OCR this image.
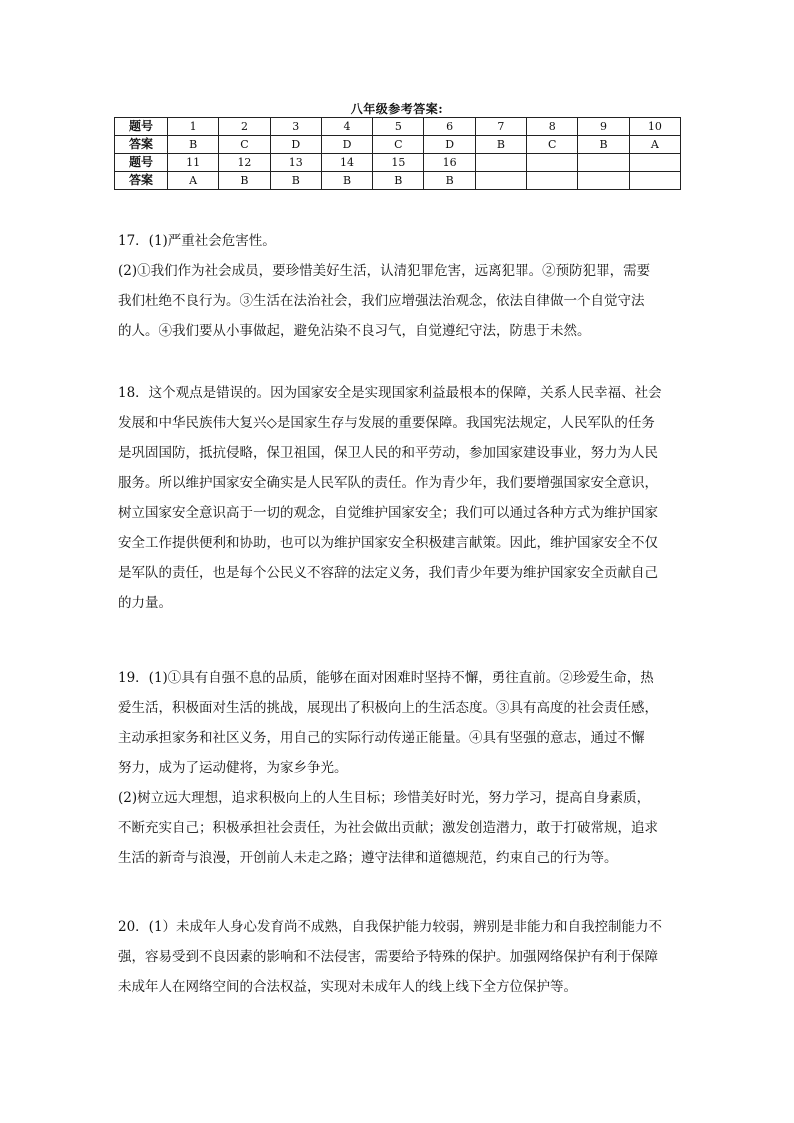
八年级参考答案:
题号	1	2	3	4	5	6	7	8	9	10
答案	B	C	D	D	C	D	B	C	B	A
题号	11	12	13	14	15	16				
答案	A	B	B	B	B	B				

17．(1)严重社会危害性。

(2)①我们作为社会成员，要珍惜美好生活，认清犯罪危害，远离犯罪。②预防犯罪，需要

我们杜绝不良行为。③生活在法治社会，我们应增强法治观念，依法自律做一个自觉守法

的人。④我们要从小事做起，避免沾染不良习气，自觉遵纪守法，防患于未然。

18．这个观点是错误的。因为国家安全是实现国家利益最根本的保障，关系人民幸福、社会

发展和中华民族伟大复兴◇是国家生存与发展的重要保障。我国宪法规定，人民军队的任务

是巩固国防，抵抗侵略，保卫祖国，保卫人民的和平劳动，参加国家建设事业，努力为人民

服务。所以维护国家安全确实是人民军队的责任。作为青少年，我们要增强国家安全意识，

树立国家安全意识高于一切的观念，自觉维护国家安全；我们可以通过各种方式为维护国家

安全工作提供便利和协助，也可以为维护国家安全积极建言献策。因此，维护国家安全不仅

是军队的责任，也是每个公民义不容辞的法定义务，我们青少年要为维护国家安全贡献自己

的力量。

19．(1)①具有自强不息的品质，能够在面对困难时坚持不懈，勇往直前。②珍爱生命，热

爱生活，积极面对生活的挑战，展现出了积极向上的生活态度。③具有高度的社会责任感，

主动承担家务和社区义务，用自己的实际行动传递正能量。④具有坚强的意志，通过不懈

努力，成为了运动健将，为家乡争光。

(2)树立远大理想，追求积极向上的人生目标；珍惜美好时光，努力学习，提高自身素质，

不断充实自己；积极承担社会责任，为社会做出贡献；激发创造潜力，敢于打破常规，追求

生活的新奇与浪漫，开创前人未走之路；遵守法律和道德规范，约束自己的行为等。

20．(1）未成年人身心发育尚不成熟，自我保护能力较弱，辨别是非能力和自我控制能力不

强，容易受到不良因素的影响和不法侵害，需要给予特殊的保护。加强网络保护有利于保障

未成年人在网络空间的合法权益，实现对未成年人的线上线下全方位保护等。
